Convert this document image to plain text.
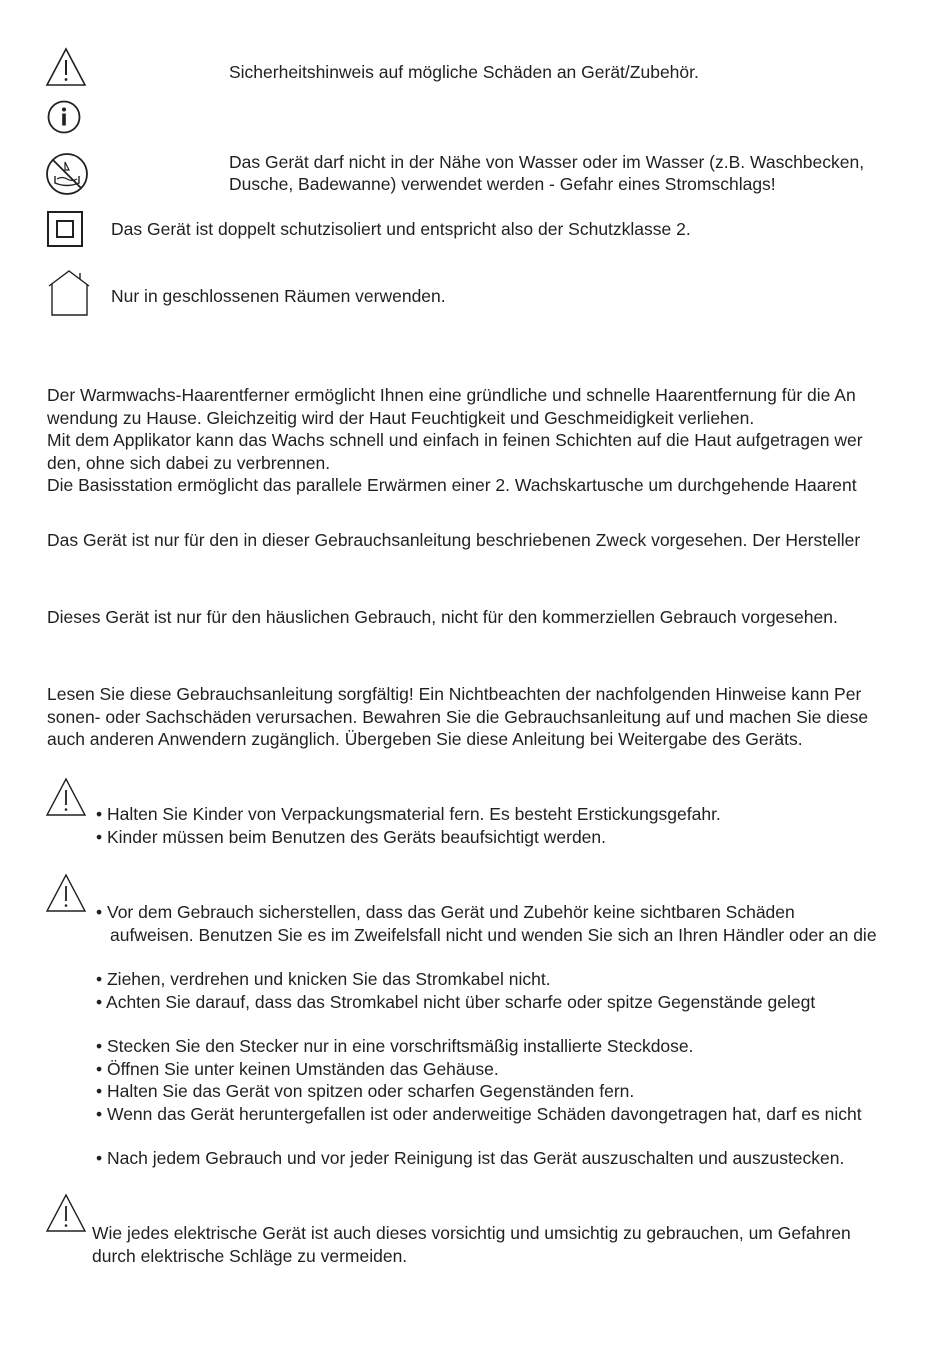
Sicherheitshinweis auf mögliche Schäden an Gerät/Zubehör.
Das Gerät darf nicht in der Nähe von Wasser oder im Wasser (z.B. Waschbecken,
Dusche, Badewanne) verwendet werden - Gefahr eines Stromschlags!
Das Gerät ist doppelt schutzisoliert und entspricht also der Schutzklasse 2.
Nur in geschlossenen Räumen verwenden.
Der Warmwachs-Haarentferner ermöglicht Ihnen eine gründliche und schnelle Haarentfernung für die An
wendung zu Hause. Gleichzeitig wird der Haut Feuchtigkeit und Geschmeidigkeit verliehen.
Mit dem Applikator kann das Wachs schnell und einfach in feinen Schichten auf die Haut aufgetragen wer
den, ohne sich dabei zu verbrennen.
Die Basisstation ermöglicht das parallele Erwärmen einer 2. Wachskartusche um durchgehende Haarent
Das Gerät ist nur für den in dieser Gebrauchsanleitung beschriebenen Zweck vorgesehen. Der Hersteller
Dieses Gerät ist nur für den häuslichen Gebrauch, nicht für den kommerziellen Gebrauch vorgesehen.
Lesen Sie diese Gebrauchsanleitung sorgfältig! Ein Nichtbeachten der nachfolgenden Hinweise kann Per
sonen- oder Sachschäden verursachen. Bewahren Sie die Gebrauchsanleitung auf und machen Sie diese
auch anderen Anwendern zugänglich. Übergeben Sie diese Anleitung bei Weitergabe des Geräts.
• Halten Sie Kinder von Verpackungsmaterial fern. Es besteht Erstickungsgefahr.
• Kinder müssen beim Benutzen des Geräts beaufsichtigt werden.
• Vor dem Gebrauch sicherstellen, dass das Gerät und Zubehör keine sichtbaren Schäden
aufweisen. Benutzen Sie es im Zweifelsfall nicht und wenden Sie sich an Ihren Händler oder an die
• Ziehen, verdrehen und knicken Sie das Stromkabel nicht.
• Achten Sie darauf, dass das Stromkabel nicht über scharfe oder spitze Gegenstände gelegt
• Stecken Sie den Stecker nur in eine vorschriftsmäßig installierte Steckdose.
• Öffnen Sie unter keinen Umständen das Gehäuse.
• Halten Sie das Gerät von spitzen oder scharfen Gegenständen fern.
• Wenn das Gerät heruntergefallen ist oder anderweitige Schäden davongetragen hat, darf es nicht
• Nach jedem Gebrauch und vor jeder Reinigung ist das Gerät auszuschalten und auszustecken.
Wie jedes elektrische Gerät ist auch dieses vorsichtig und umsichtig zu gebrauchen, um Gefahren
durch elektrische Schläge zu vermeiden.
